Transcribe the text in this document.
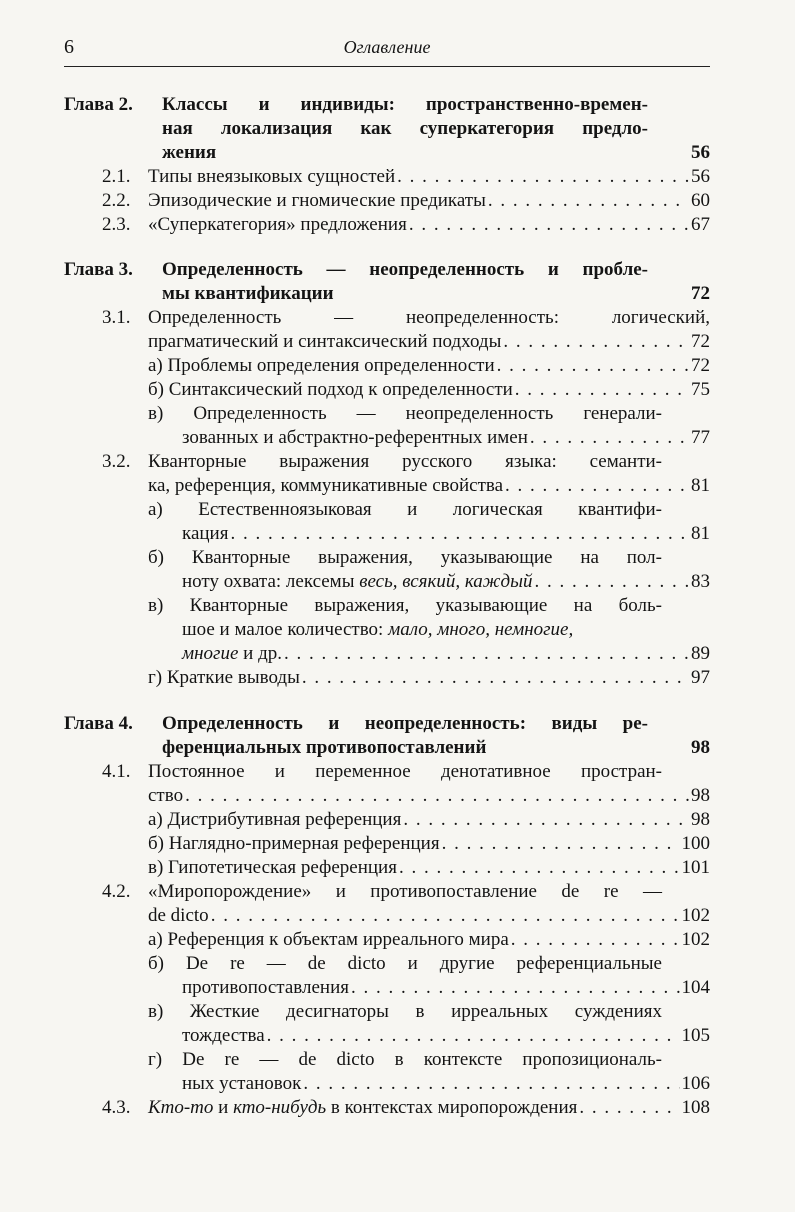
6	Оглавление
Глава 2. Классы и индивиды: пространственно-времен-
ная локализация как суперкатегория предло-
жения	56
2.1. Типы внеязыковых сущностей . . .	56
2.2. Эпизодические и гномические предикаты . . .	60
2.3. «Суперкатегория» предложения . . .	67
Глава 3. Определенность — неопределенность и пробле-
мы квантификации	72
3.1. Определенность — неопределенность: логический,
прагматический и синтаксический подходы . . .	72
а) Проблемы определения определенности . . .	72
б) Синтаксический подход к определенности . . .	75
в) Определенность — неопределенность генерали-
зованных и абстрактно-референтных имен . . .	77
3.2. Кванторные выражения русского языка: семанти-
ка, референция, коммуникативные свойства . . .	81
а) Естественноязыковая и логическая квантифи-
кация . . .	81
б) Кванторные выражения, указывающие на пол-
ноту охвата: лексемы весь, всякий, каждый . . .	83
в) Кванторные выражения, указывающие на боль-
шое и малое количество: мало, много, немногие,
многие и др. . . .	89
г) Краткие выводы . . .	97
Глава 4. Определенность и неопределенность: виды ре-
ференциальных противопоставлений	98
4.1. Постоянное и переменное денотативное простран-
ство . . .	98
а) Дистрибутивная референция . . .	98
б) Наглядно-примерная референция . . .	100
в) Гипотетическая референция . . .	101
4.2. «Миропорождение» и противопоставление de re —
de dicto . . .	102
а) Референция к объектам ирреального мира . . .	102
б) De re — de dicto и другие референциальные
противопоставления . . .	104
в) Жесткие десигнаторы в ирреальных суждениях
тождества . . .	105
г) De re — de dicto в контексте пропозициональ-
ных установок . . .	106
4.3. Кто-то и кто-нибудь в контекстах миропорождения . . .	108
